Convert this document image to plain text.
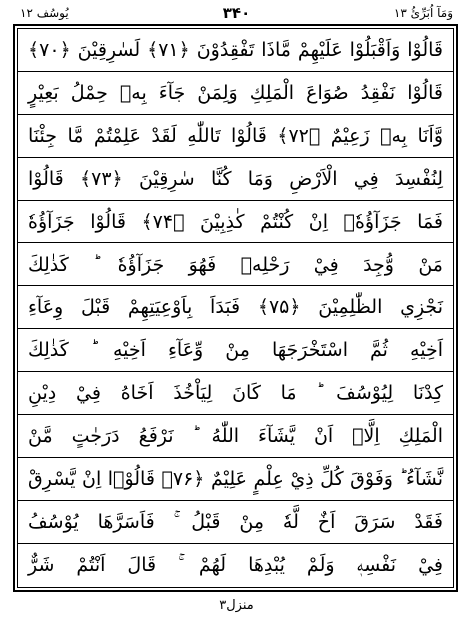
یُوسُف ۱۲	۳۴۰	وَمَآ اُبَرِّئُ ۱۳
قَالُوْا وَاَقْبَلُوْا عَلَيْهِمْ مَّاذَا تَفْقِدُوْنَ ﴿۷۱﴾ لَسٰرِقِيْنَ ﴿۷۰﴾
قَالُوْا نَفْقِدُ صُوَاعَ الْمَلِكِ وَلِمَنْ جَآءَ بِهٖ حِمْلُ بَعِيْرٍ
وَّاَنَا بِهٖ زَعِيْمٌ ﴿۷۲﴾ قَالُوْا تَاللّٰهِ لَقَدْ عَلِمْتُمْ مَّا جِئْنَا
لِنُفْسِدَ فِي الْاَرْضِ وَمَا كُنَّا سٰرِقِيْنَ ﴿۷۳﴾ قَالُوْا
فَمَا جَزَآؤُهٗۤ اِنْ كُنْتُمْ كٰذِبِيْنَ ﴿۷۴﴾ قَالُوْا جَزَآؤُهٗ
مَنْ وُّجِدَ فِيْ رَحْلِهٖ فَهُوَ جَزَآؤُهٗ ؕ كَذٰلِكَ
نَجْزِي الظّٰلِمِيْنَ ﴿۷۵﴾ فَبَدَاَ بِاَوْعِيَتِهِمْ قَبْلَ وِعَآءِ
اَخِيْهِ ثُمَّ اسْتَخْرَجَهَا مِنْ وِّعَآءِ اَخِيْهِ ؕ كَذٰلِكَ
كِدْنَا لِيُوْسُفَ ؕ مَا كَانَ لِيَاْخُذَ اَخَاهُ فِيْ دِيْنِ
الْمَلِكِ اِلَّاۤ اَنْ يَّشَآءَ اللّٰهُ ؕ نَرْفَعُ دَرَجٰتٍ مَّنْ
نَّشَآءُ ؕ وَفَوْقَ كُلِّ ذِيْ عِلْمٍ عَلِيْمٌ ﴿۷۶﴾ قَالُوْۤا اِنْ يَّسْرِقْ
فَقَدْ سَرَقَ اَخٌ لَّهٗ مِنْ قَبْلُ ۚ فَاَسَرَّهَا يُوْسُفُ
فِيْ نَفْسِهٖ وَلَمْ يُبْدِهَا لَهُمْ ۚ قَالَ اَنْتُمْ شَرٌّ
منزل۳
